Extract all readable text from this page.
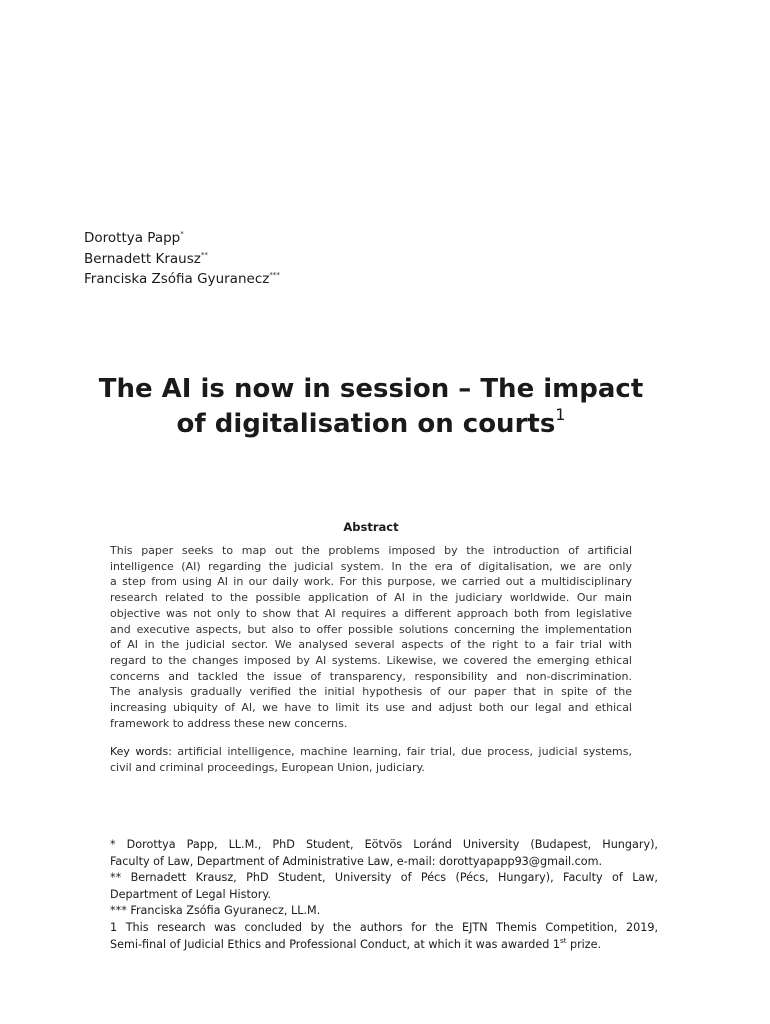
Dorottya Papp*
Bernadett Krausz**
Franciska Zsófia Gyuranecz***
The AI is now in session – The impact
of digitalisation on courts$^1$
Abstract
This paper seeks to map out the problems imposed by the introduction of artificial
intelligence (AI) regarding the judicial system. In the era of digitalisation, we are only
a step from using AI in our daily work. For this purpose, we carried out a multidisciplinary
research related to the possible application of AI in the judiciary worldwide. Our main
objective was not only to show that AI requires a different approach both from legislative
and executive aspects, but also to offer possible solutions concerning the implementation
of AI in the judicial sector. We analysed several aspects of the right to a fair trial with
regard to the changes imposed by AI systems. Likewise, we covered the emerging ethical
concerns and tackled the issue of transparency, responsibility and non-discrimination.
The analysis gradually verified the initial hypothesis of our paper that in spite of the
increasing ubiquity of AI, we have to limit its use and adjust both our legal and ethical
framework to address these new concerns.
Key words: artificial intelligence, machine learning, fair trial, due process, judicial systems,
civil and criminal proceedings, European Union, judiciary.
* Dorottya Papp, LL.M., PhD Student, Eötvös Loránd University (Budapest, Hungary),
Faculty of Law, Department of Administrative Law, e-mail: dorottyapapp93@gmail.com.
** Bernadett Krausz, PhD Student, University of Pécs (Pécs, Hungary), Faculty of Law,
Department of Legal History.
*** Franciska Zsófia Gyuranecz, LL.M.
1 This research was concluded by the authors for the EJTN Themis Competition, 2019,
Semi-final of Judicial Ethics and Professional Conduct, at which it was awarded 1st prize.
